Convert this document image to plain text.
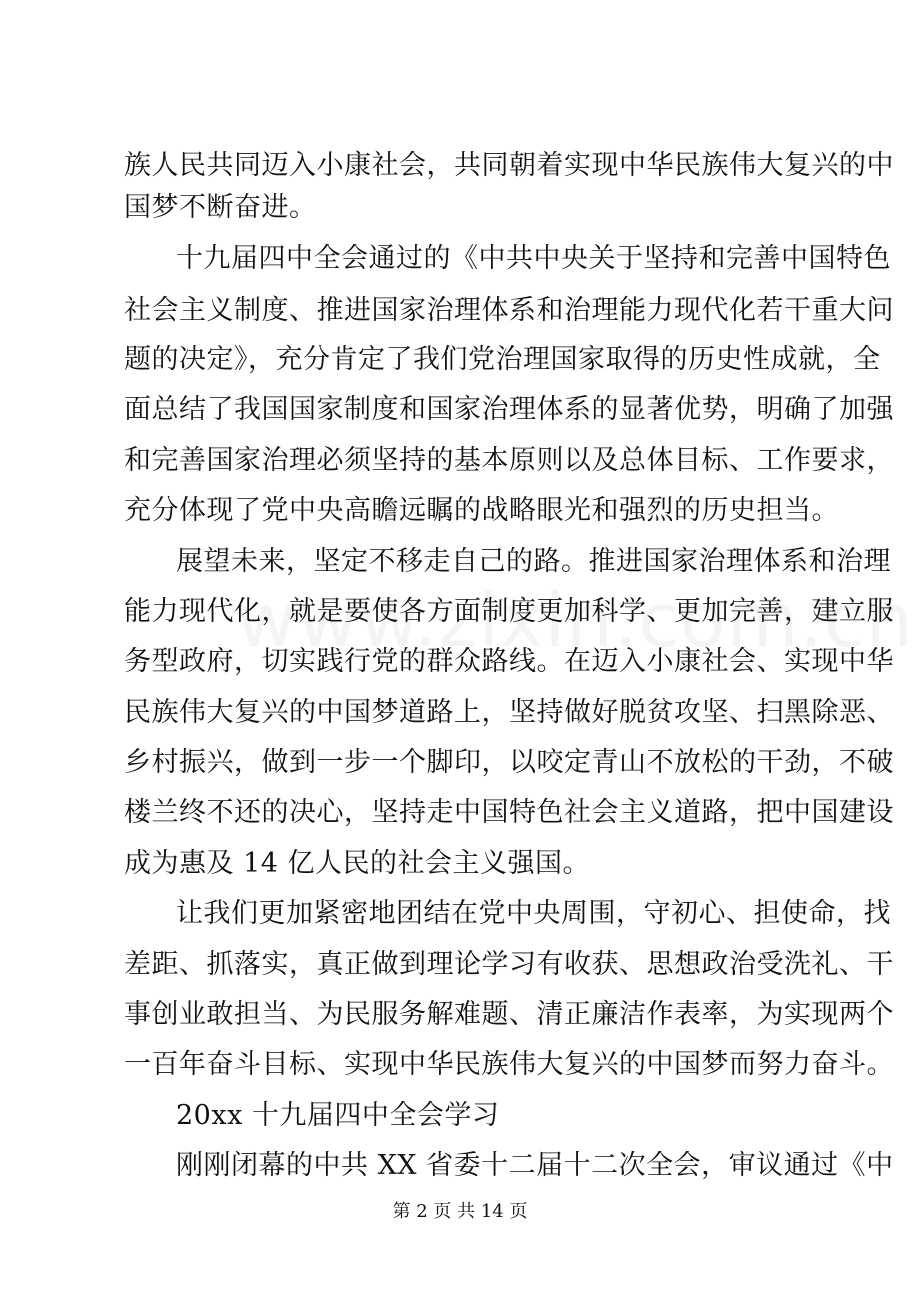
族人民共同迈入小康社会，共同朝着实现中华民族伟大复兴的中
国梦不断奋进。
十九届四中全会通过的《中共中央关于坚持和完善中国特色
社会主义制度、推进国家治理体系和治理能力现代化若干重大问
题的决定》，充分肯定了我们党治理国家取得的历史性成就，全
面总结了我国国家制度和国家治理体系的显著优势，明确了加强
和完善国家治理必须坚持的基本原则以及总体目标、工作要求，
充分体现了党中央高瞻远瞩的战略眼光和强烈的历史担当。
展望未来，坚定不移走自己的路。推进国家治理体系和治理
能力现代化，就是要使各方面制度更加科学、更加完善，建立服
务型政府，切实践行党的群众路线。在迈入小康社会、实现中华
民族伟大复兴的中国梦道路上，坚持做好脱贫攻坚、扫黑除恶、
乡村振兴，做到一步一个脚印，以咬定青山不放松的干劲，不破
楼兰终不还的决心，坚持走中国特色社会主义道路，把中国建设
成为惠及 14 亿人民的社会主义强国。
让我们更加紧密地团结在党中央周围，守初心、担使命，找
差距、抓落实，真正做到理论学习有收获、思想政治受洗礼、干
事创业敢担当、为民服务解难题、清正廉洁作表率，为实现两个
一百年奋斗目标、实现中华民族伟大复兴的中国梦而努力奋斗。
20xx 十九届四中全会学习
刚刚闭幕的中共 XX 省委十二届十二次全会，审议通过《中
第 2 页 共 14 页
